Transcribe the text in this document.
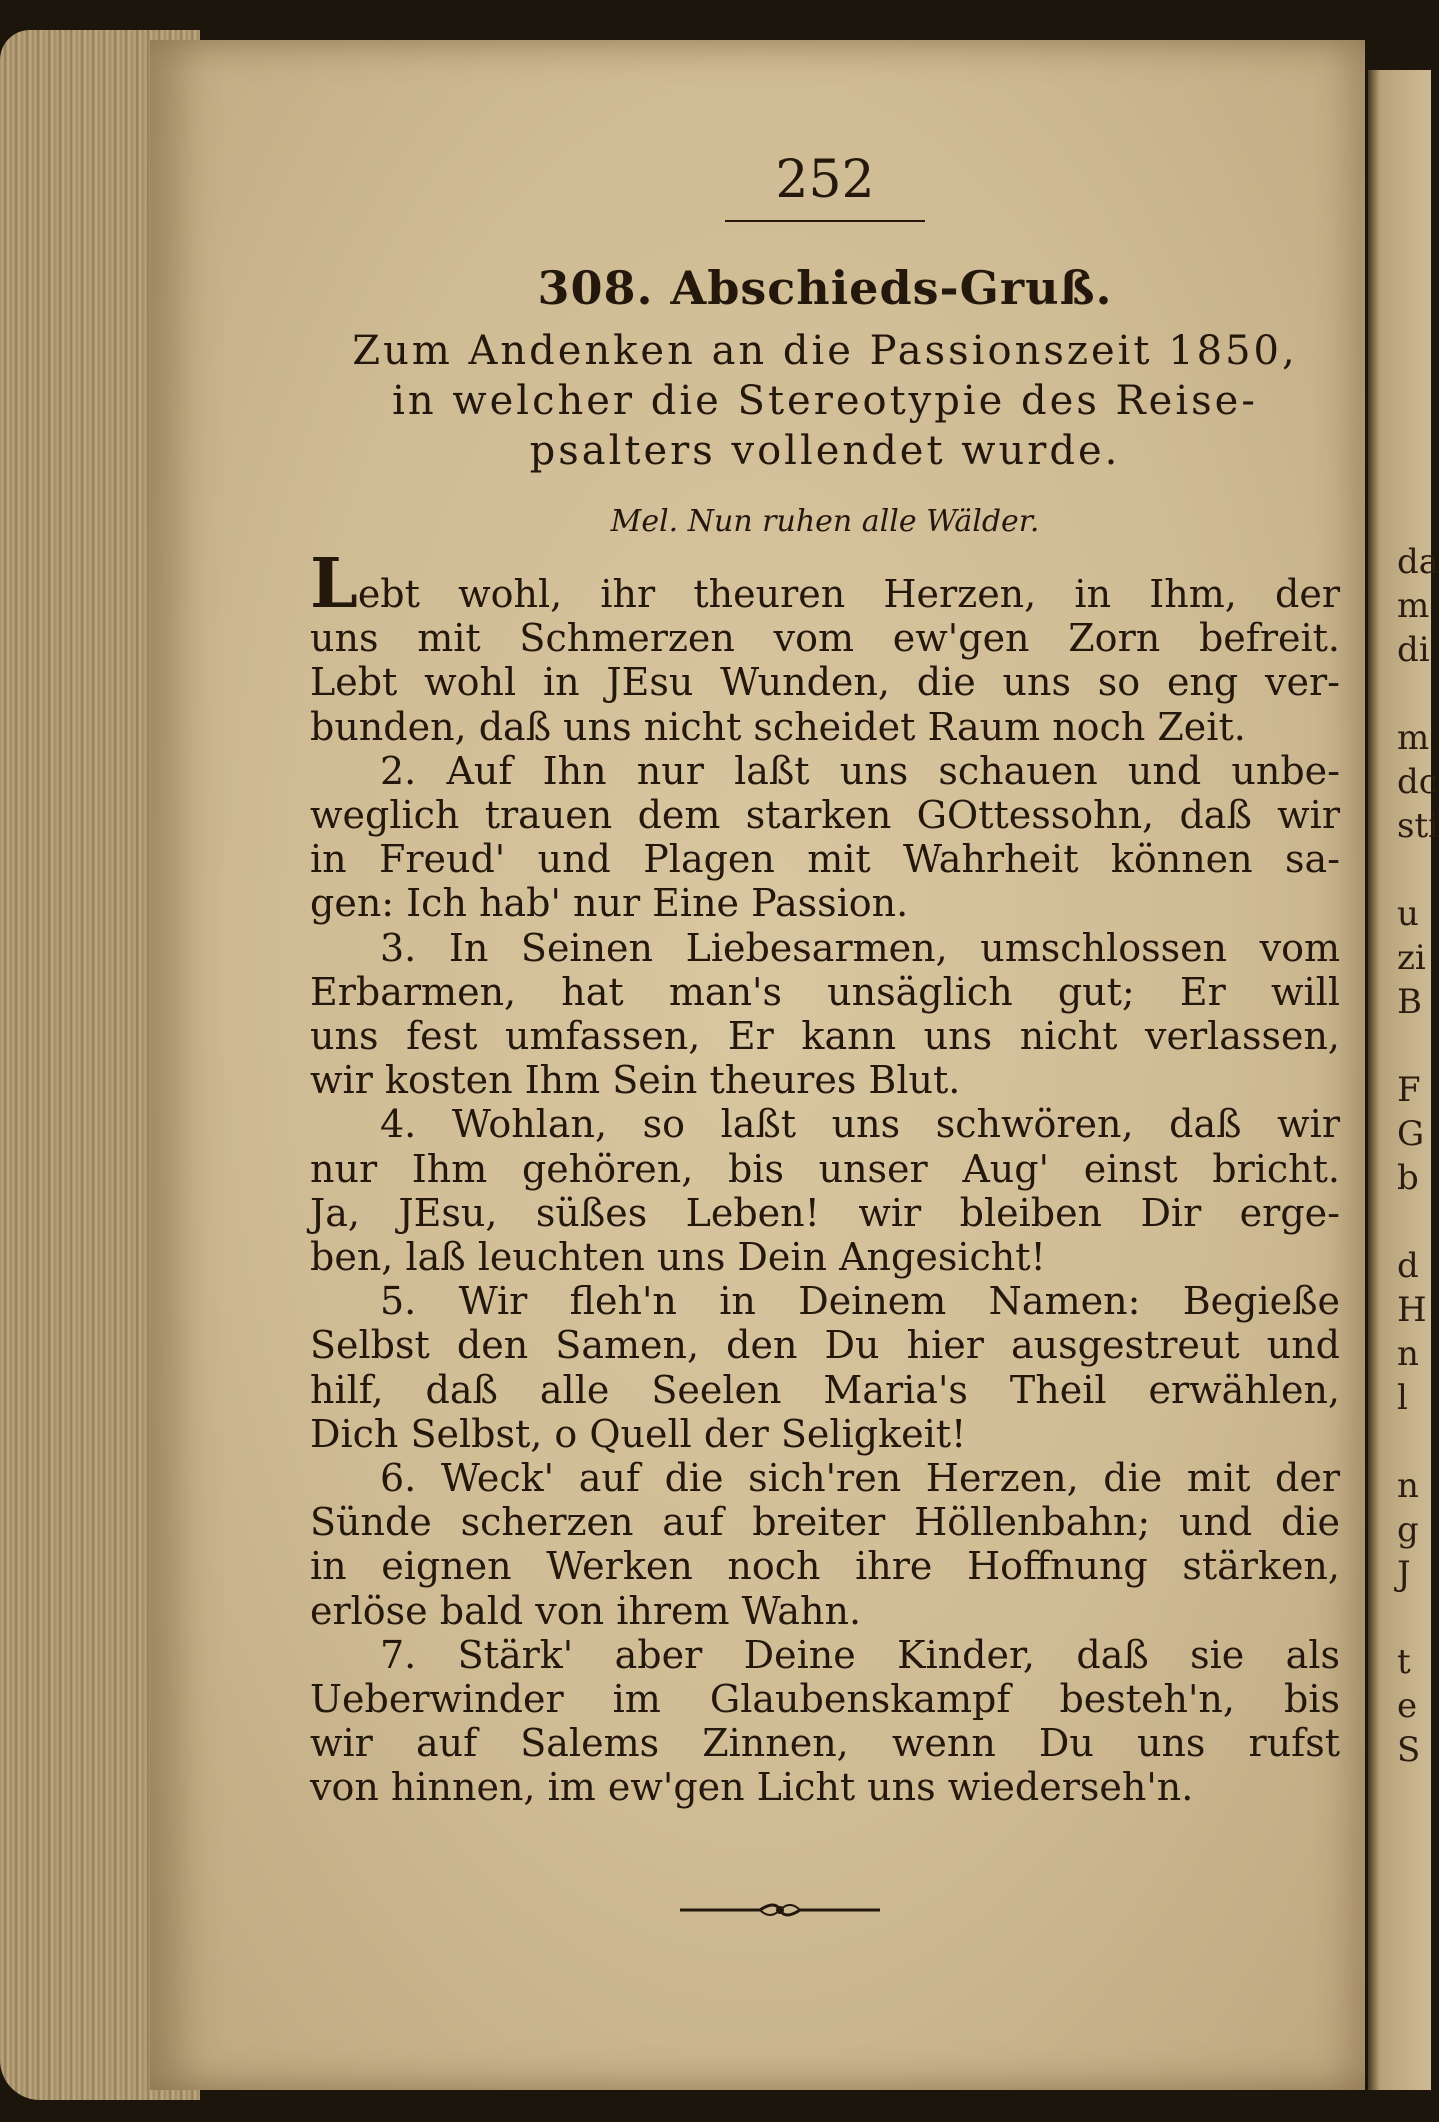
da
m
di
m
dc
sti
u
zi
B
F
G
b
d
H
n
l
n
g
J
t
e
S

252

308. Abschieds-Gruß.

Zum Andenken an die Passionszeit 1850,

in welcher die Stereotypie des Reise-

psalters vollendet wurde.

Mel. Nun ruhen alle Wälder.

Lebt wohl, ihr theuren Herzen, in Ihm, der
uns mit Schmerzen vom ew'gen Zorn befreit.
Lebt wohl in JEsu Wunden, die uns so eng ver-
bunden, daß uns nicht scheidet Raum noch Zeit.
2. Auf Ihn nur laßt uns schauen und unbe-
weglich trauen dem starken GOttessohn, daß wir
in Freud' und Plagen mit Wahrheit können sa-
gen: Ich hab' nur Eine Passion.
3. In Seinen Liebesarmen, umschlossen vom
Erbarmen, hat man's unsäglich gut; Er will
uns fest umfassen, Er kann uns nicht verlassen,
wir kosten Ihm Sein theures Blut.
4. Wohlan, so laßt uns schwören, daß wir
nur Ihm gehören, bis unser Aug' einst bricht.
Ja, JEsu, süßes Leben! wir bleiben Dir erge-
ben, laß leuchten uns Dein Angesicht!
5. Wir fleh'n in Deinem Namen: Begieße
Selbst den Samen, den Du hier ausgestreut und
hilf, daß alle Seelen Maria's Theil erwählen,
Dich Selbst, o Quell der Seligkeit!
6. Weck' auf die sich'ren Herzen, die mit der
Sünde scherzen auf breiter Höllenbahn; und die
in eignen Werken noch ihre Hoffnung stärken,
erlöse bald von ihrem Wahn.
7. Stärk' aber Deine Kinder, daß sie als
Ueberwinder im Glaubenskampf besteh'n, bis
wir auf Salems Zinnen, wenn Du uns rufst
von hinnen, im ew'gen Licht uns wiederseh'n.
